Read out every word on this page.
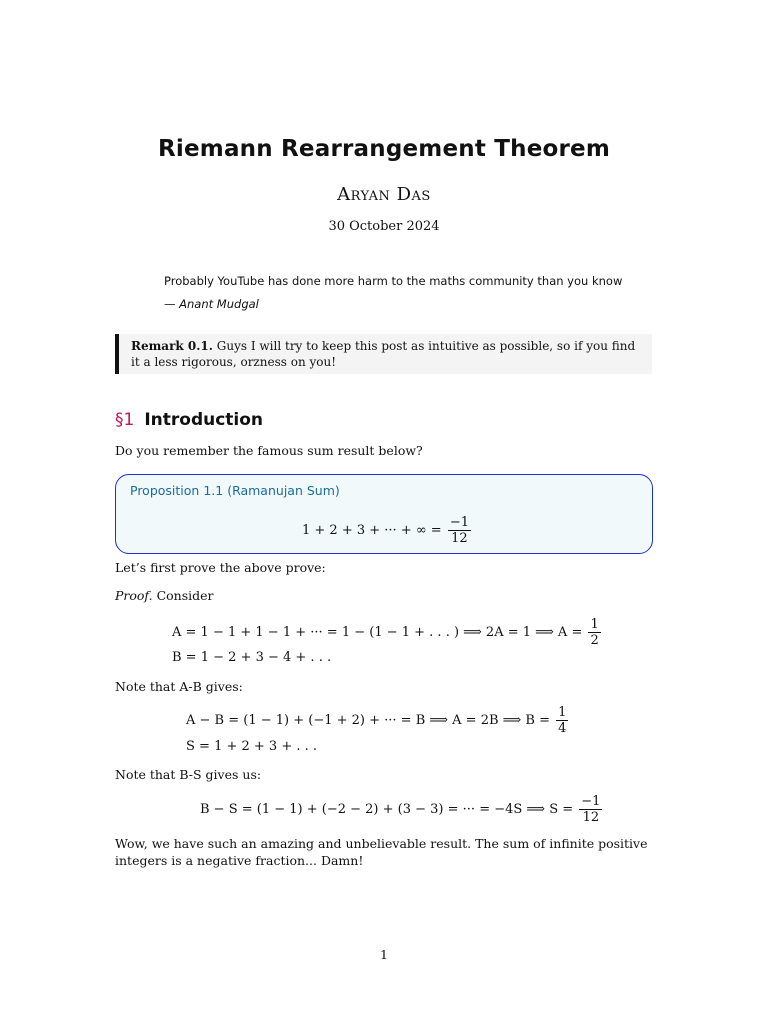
Riemann Rearrangement Theorem
Aryan Das
30 October 2024
Probably YouTube has done more harm to the maths community than you know
— Anant Mudgal
Remark 0.1. Guys I will try to keep this post as intuitive as possible, so if you find it a less rigorous, orzness on you!
§1 Introduction
Do you remember the famous sum result below?
Proposition 1.1 (Ramanujan Sum)
1 + 2 + 3 + ··· + ∞ = $\frac{-1}{12}$
Let’s first prove the above prove:
Proof. Consider
A = 1 − 1 + 1 − 1 + ··· = 1 − (1 − 1 + . . . ) ⟹ 2A = 1 ⟹ $A = \frac{1}{2}$
B = 1 − 2 + 3 − 4 + . . .
Note that A-B gives:
A − B = (1 − 1) + (−1 + 2) + ··· = B ⟹ A = 2B ⟹ $B = \frac{1}{4}$
S = 1 + 2 + 3 + . . .
Note that B-S gives us:
B − S = (1 − 1) + (−2 − 2) + (3 − 3) = ··· = −4S ⟹ $S = \frac{-1}{12}$
Wow, we have such an amazing and unbelievable result. The sum of infinite positive
integers is a negative fraction... Damn!
1
